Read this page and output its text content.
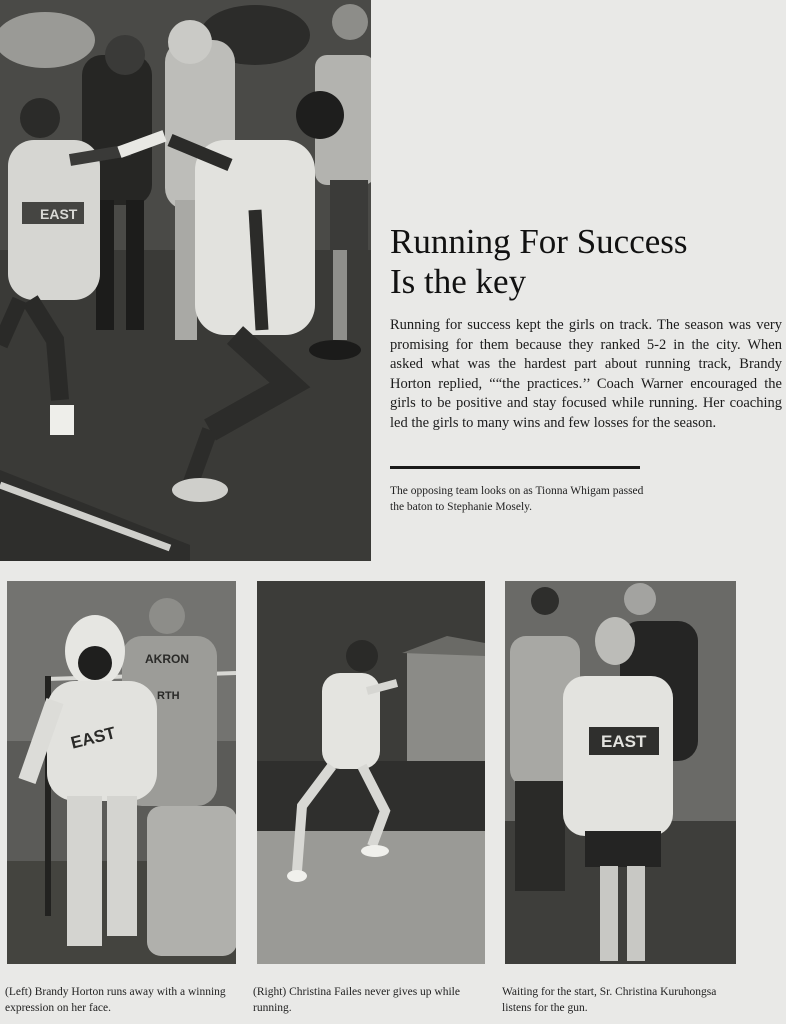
EAST
Running For Success
Is the key
Running for success kept the girls on track. The season was very promising for them because they ranked 5-2 in the city. When asked what was the hardest part about running track, Brandy Horton replied, ““the practices.’’ Coach Warner encouraged the girls to be positive and stay focused while running. Her coaching led the girls to many wins and few losses for the season.
The opposing team looks on as Tionna Whigam passed the baton to Stephanie Mosely.
AKRON
RTH
EAST	EAST
(Left) Brandy Horton runs away with a winning expression on her face.
(Right) Christina Failes never gives up while running.
Waiting for the start, Sr. Christina Kuruhongsa listens for the gun.
